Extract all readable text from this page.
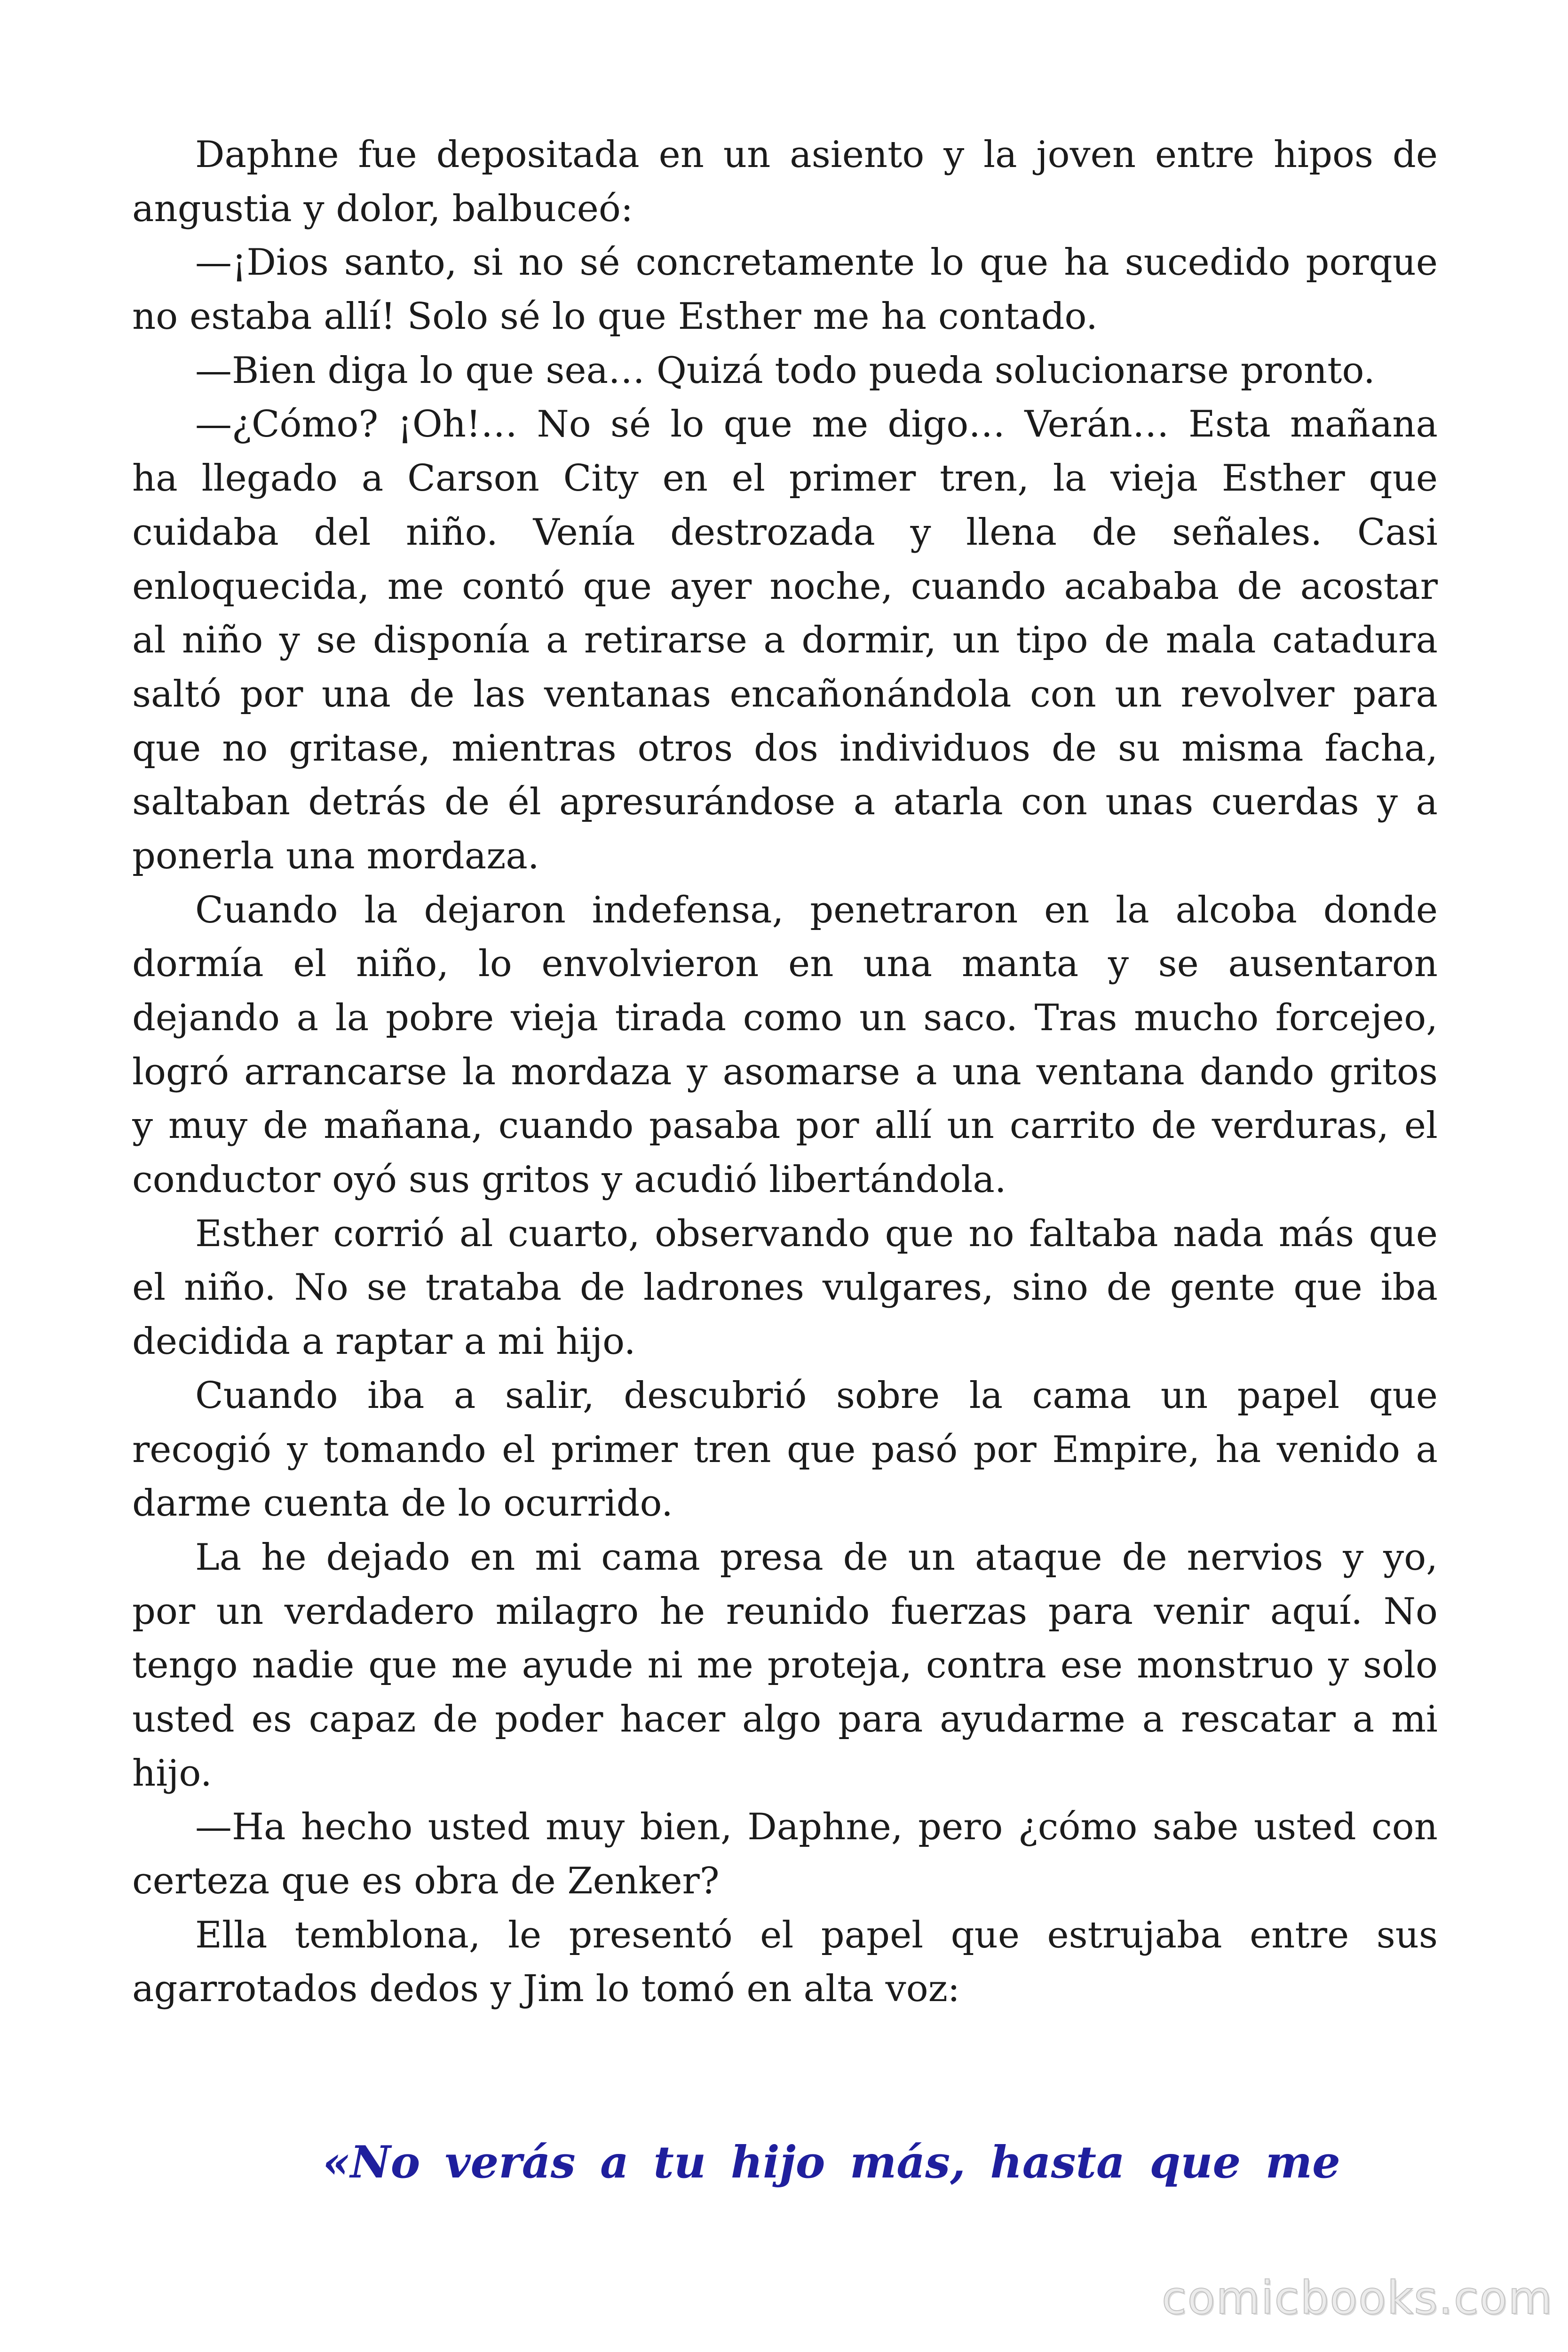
Daphne fue depositada en un asiento y la joven entre hipos de
angustia y dolor, balbuceó:
—¡Dios santo, si no sé concretamente lo que ha sucedido porque
no estaba allí! Solo sé lo que Esther me ha contado.
—Bien diga lo que sea… Quizá todo pueda solucionarse pronto.
—¿Cómo? ¡Oh!… No sé lo que me digo… Verán… Esta mañana
ha llegado a Carson City en el primer tren, la vieja Esther que
cuidaba del niño. Venía destrozada y llena de señales. Casi
enloquecida, me contó que ayer noche, cuando acababa de acostar
al niño y se disponía a retirarse a dormir, un tipo de mala catadura
saltó por una de las ventanas encañonándola con un revolver para
que no gritase, mientras otros dos individuos de su misma facha,
saltaban detrás de él apresurándose a atarla con unas cuerdas y a
ponerla una mordaza.
Cuando la dejaron indefensa, penetraron en la alcoba donde
dormía el niño, lo envolvieron en una manta y se ausentaron
dejando a la pobre vieja tirada como un saco. Tras mucho forcejeo,
logró arrancarse la mordaza y asomarse a una ventana dando gritos
y muy de mañana, cuando pasaba por allí un carrito de verduras, el
conductor oyó sus gritos y acudió libertándola.
Esther corrió al cuarto, observando que no faltaba nada más que
el niño. No se trataba de ladrones vulgares, sino de gente que iba
decidida a raptar a mi hijo.
Cuando iba a salir, descubrió sobre la cama un papel que
recogió y tomando el primer tren que pasó por Empire, ha venido a
darme cuenta de lo ocurrido.
La he dejado en mi cama presa de un ataque de nervios y yo,
por un verdadero milagro he reunido fuerzas para venir aquí. No
tengo nadie que me ayude ni me proteja, contra ese monstruo y solo
usted es capaz de poder hacer algo para ayudarme a rescatar a mi
hijo.
—Ha hecho usted muy bien, Daphne, pero ¿cómo sabe usted con
certeza que es obra de Zenker?
Ella temblona, le presentó el papel que estrujaba entre sus
agarrotados dedos y Jim lo tomó en alta voz:
«No verás a tu hijo más, hasta que me
comicbooks.com
